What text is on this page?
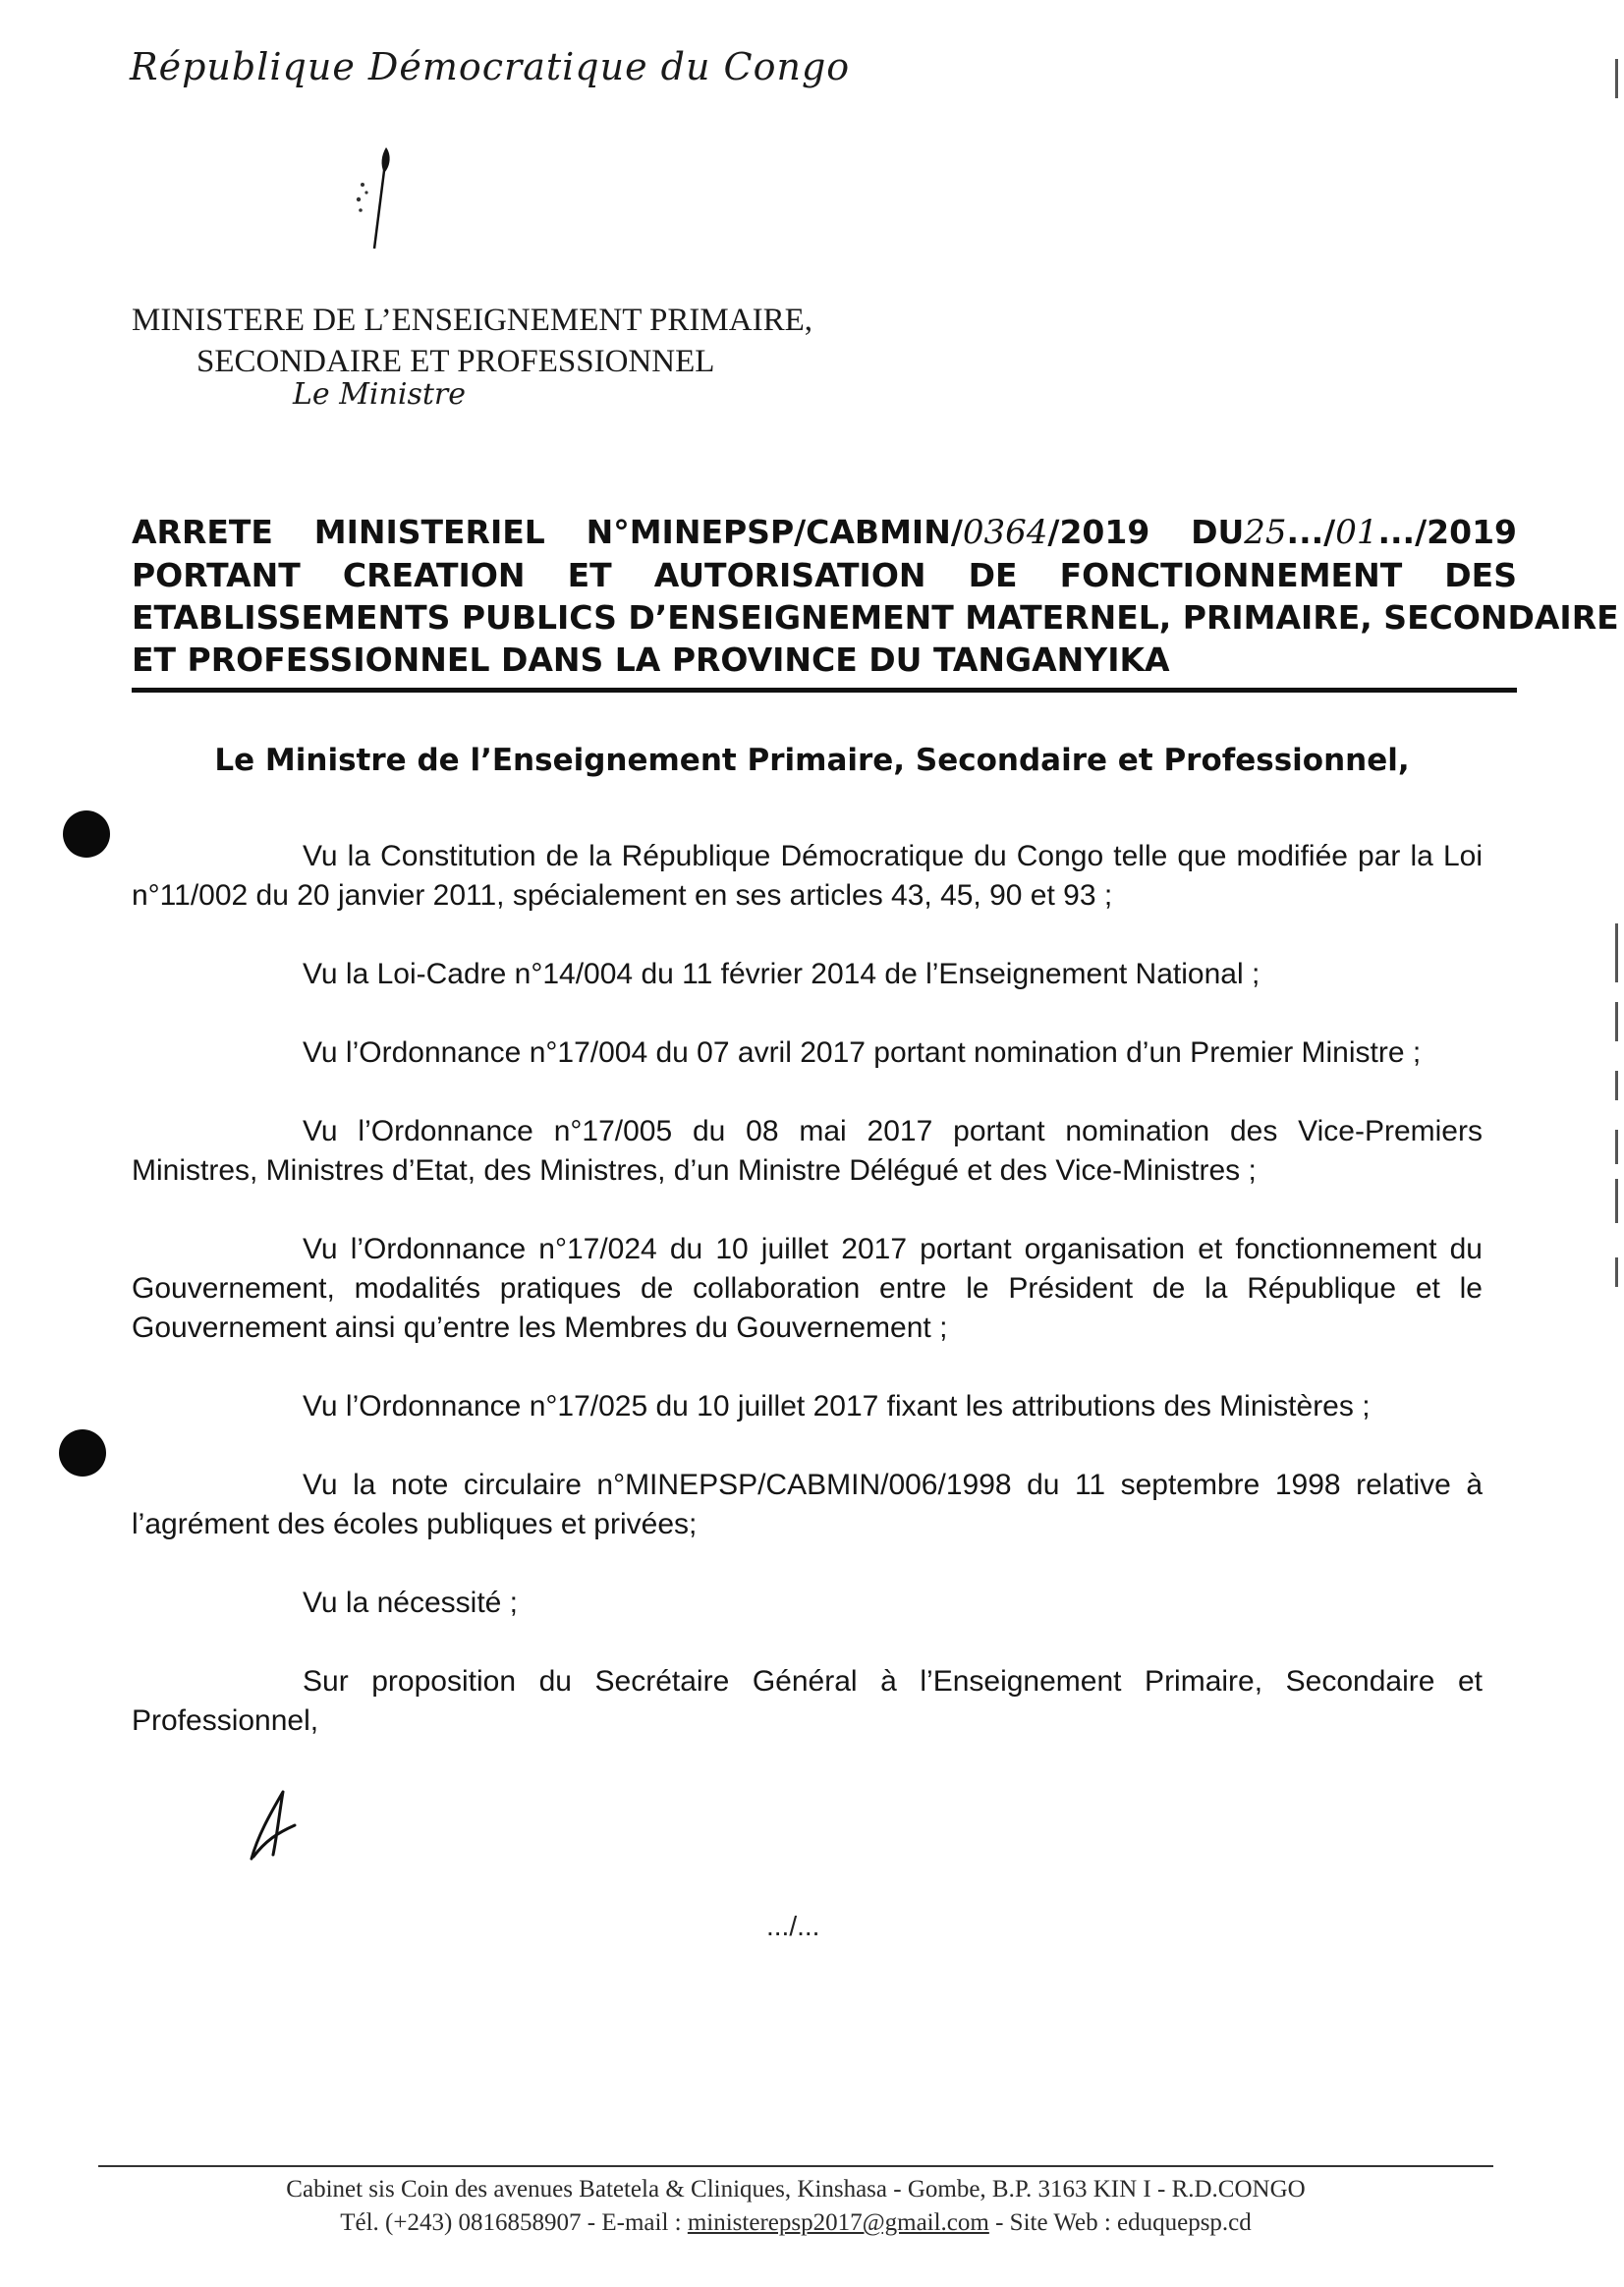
République Démocratique du Congo
MINISTERE DE L’ENSEIGNEMENT PRIMAIRE,
SECONDAIRE ET PROFESSIONNEL
Le Ministre
ARRETE MINISTERIEL N°MINEPSP/CABMIN/0364/2019 DU25.../01.../2019
PORTANT CREATION ET AUTORISATION DE FONCTIONNEMENT DES
ETABLISSEMENTS PUBLICS D’ENSEIGNEMENT MATERNEL, PRIMAIRE, SECONDAIRE
ET PROFESSIONNEL DANS LA PROVINCE DU TANGANYIKA
Le Ministre de l’Enseignement Primaire, Secondaire et Professionnel,

Vu la Constitution de la République Démocratique du Congo telle que modifiée par la Loi n°11/002 du 20 janvier 2011, spécialement en ses articles 43, 45, 90 et 93 ;

Vu la Loi-Cadre n°14/004 du 11 février 2014 de l’Enseignement National ;

Vu l’Ordonnance n°17/004 du 07 avril 2017 portant nomination d’un Premier Ministre ;

Vu l’Ordonnance n°17/005 du 08 mai 2017 portant nomination des Vice-Premiers Ministres, Ministres d’Etat, des Ministres, d’un Ministre Délégué et des Vice-Ministres ;

Vu l’Ordonnance n°17/024 du 10 juillet 2017 portant organisation et fonctionnement du Gouvernement, modalités pratiques de collaboration entre le Président de la République et le Gouvernement ainsi qu’entre les Membres du Gouvernement ;

Vu l’Ordonnance n°17/025 du 10 juillet 2017 fixant les attributions des Ministères ;

Vu la note circulaire n°MINEPSP/CABMIN/006/1998 du 11 septembre 1998 relative à l’agrément des écoles publiques et privées;

Vu la nécessité ;

Sur proposition du Secrétaire Général à l’Enseignement Primaire, Secondaire et Professionnel,

.../...
Cabinet sis Coin des avenues Batetela & Cliniques, Kinshasa - Gombe, B.P. 3163 KIN I - R.D.CONGO
Tél. (+243) 0816858907 - E-mail : ministerepsp2017@gmail.com - Site Web : eduquepsp.cd
